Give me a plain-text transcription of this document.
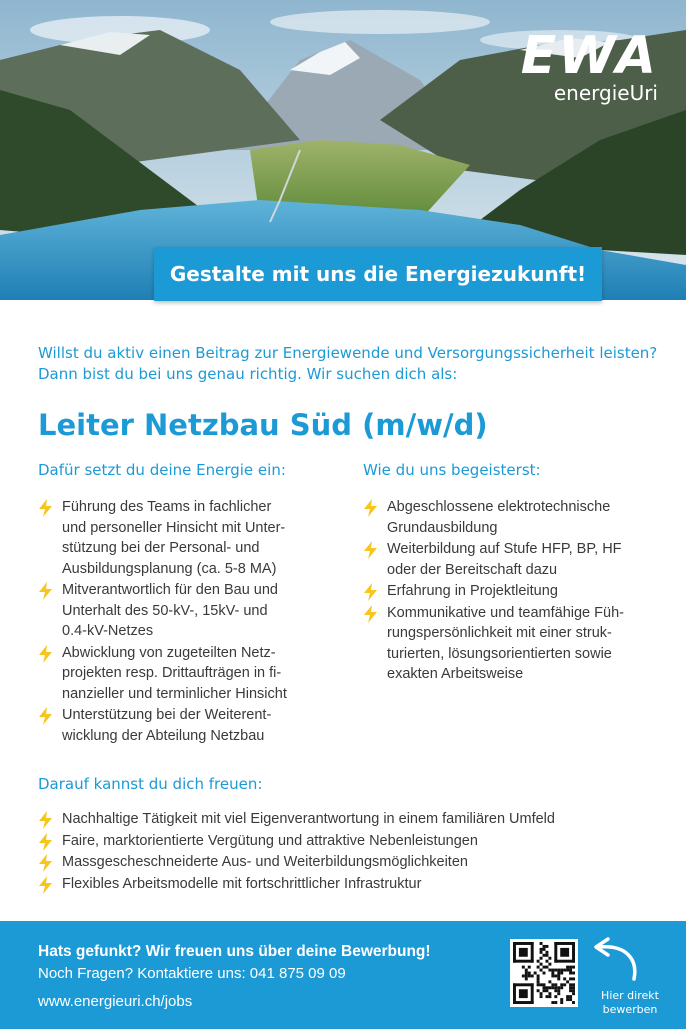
EWA
energieUri
Gestalte mit uns die Energiezukunft!

Willst du aktiv einen Beitrag zur Energiewende und Versorgungssicherheit leisten?

Dann bist du bei uns genau richtig. Wir suchen dich als:

Leiter Netzbau Süd (m/w/d)
Dafür setzt du deine Energie ein:	Wie du uns begeisterst:
Führung des Teams in fachlicher
und personeller Hinsicht mit Unter-
stützung bei der Personal- und
Ausbildungsplanung (ca. 5-8 MA)
Mitverantwortlich für den Bau und
Unterhalt des 50-kV-, 15kV- und
0.4-kV-Netzes
Abwicklung von zugeteilten Netz-
projekten resp. Drittaufträgen in fi-
nanzieller und terminlicher Hinsicht
Unterstützung bei der Weiterent-
wicklung der Abteilung Netzbau
Abgeschlossene elektrotechnische
Grundausbildung
Weiterbildung auf Stufe HFP, BP, HF
oder der Bereitschaft dazu
Erfahrung in Projektleitung
Kommunikative und teamfähige Füh-
rungspersönlichkeit mit einer struk-
turierten, lösungsorientierten sowie
exakten Arbeitsweise
Darauf kannst du dich freuen:
Nachhaltige Tätigkeit mit viel Eigenverantwortung in einem familiären Umfeld
Faire, marktorientierte Vergütung und attraktive Nebenleistungen
Massgescheschneiderte Aus- und Weiterbildungsmöglichkeiten
Flexibles Arbeitsmodelle mit fortschrittlicher Infrastruktur
Hats gefunkt? Wir freuen uns über deine Bewerbung!
Noch Fragen? Kontaktiere uns: 041 875 09 09
www.energieuri.ch/jobs	Hier direkt
bewerben
